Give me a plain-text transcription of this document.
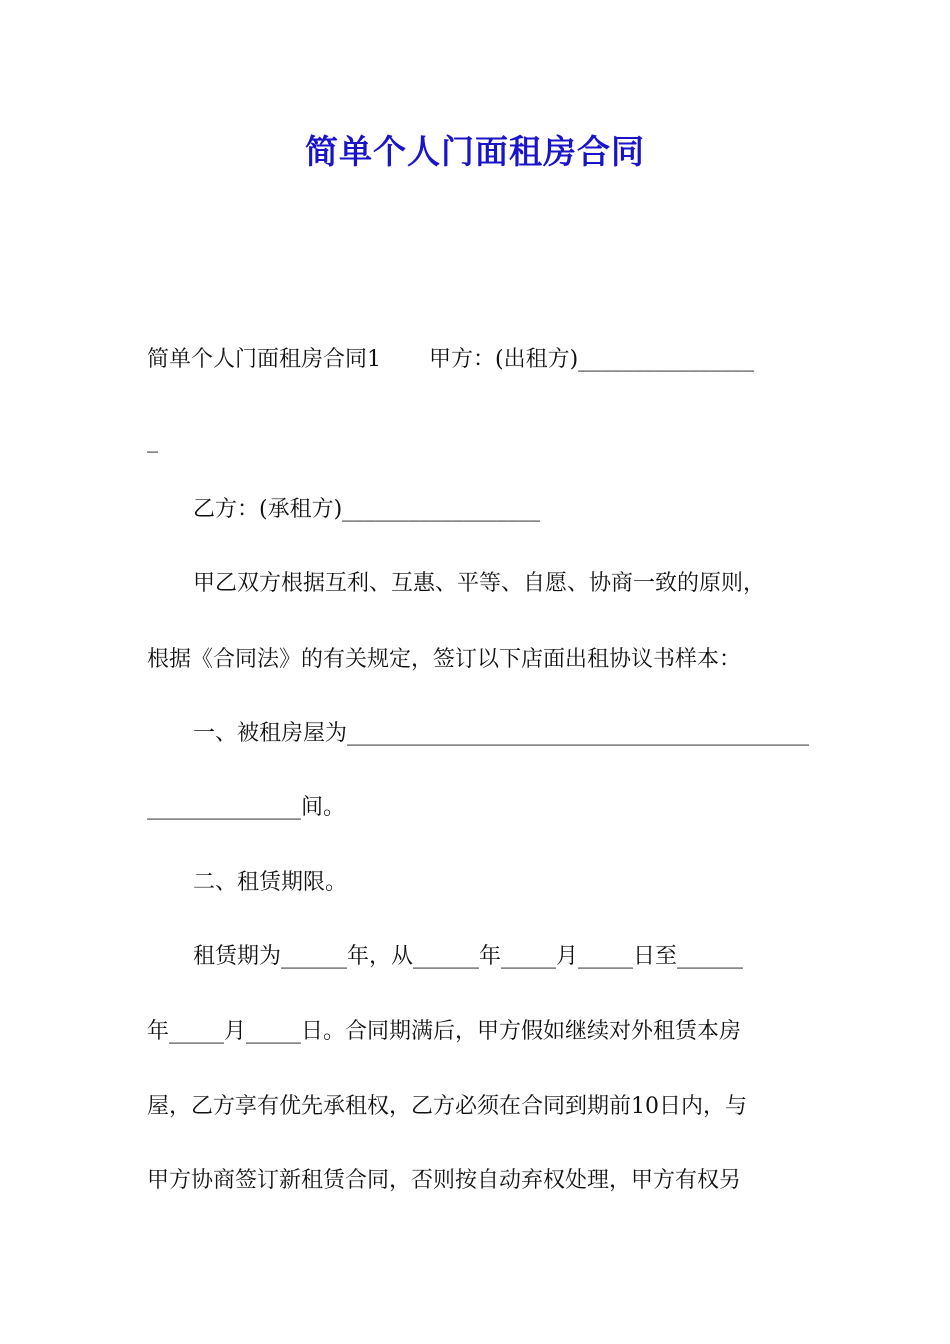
简单个人门面租房合同
简单个人门面租房合同1 甲方：(出租方)________________
_
乙方：(承租方)__________________
甲乙双方根据互利、互惠、平等、自愿、协商一致的原则，
根据《合同法》的有关规定，签订以下店面出租协议书样本：
一、被租房屋为__________________________________________
______________间。
二、租赁期限。
租赁期为______年，从______年_____月_____日至______
年_____月_____日。合同期满后，甲方假如继续对外租赁本房
屋，乙方享有优先承租权，乙方必须在合同到期前10日内，与
甲方协商签订新租赁合同，否则按自动弃权处理，甲方有权另
